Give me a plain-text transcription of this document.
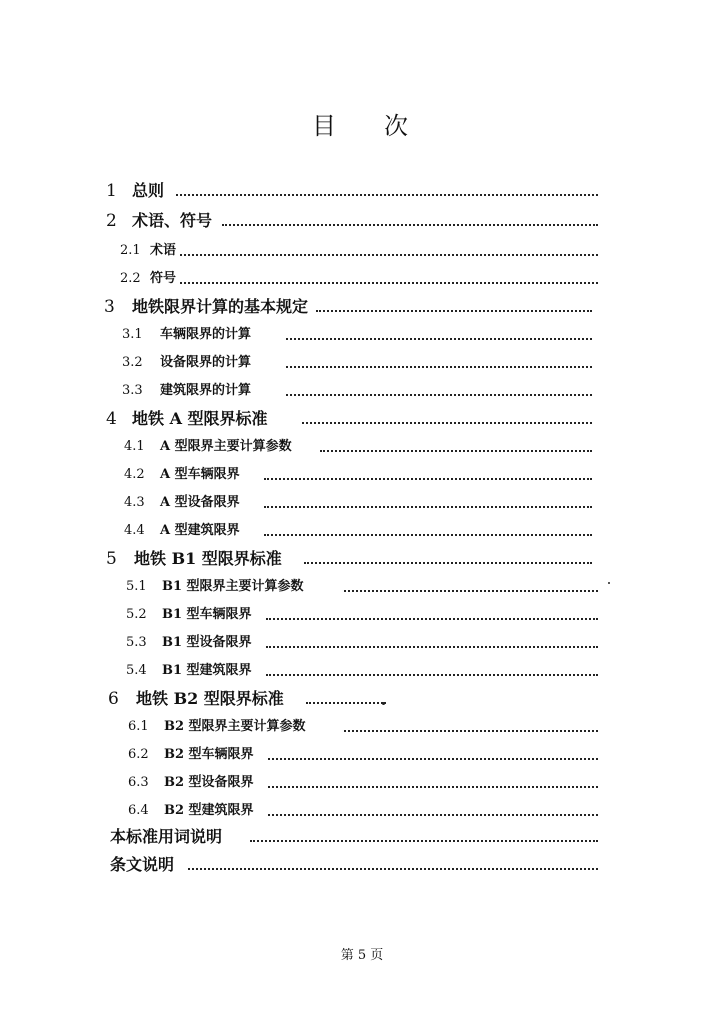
目 次
1 总则
2 术语、符号
2.1 术语
2.2 符号
3 地铁限界计算的基本规定
3.1 车辆限界的计算
3.2 设备限界的计算
3.3 建筑限界的计算
4 地铁 A 型限界标准
4.1 A 型限界主要计算参数
4.2 A 型车辆限界
4.3 A 型设备限界
4.4 A 型建筑限界
5 地铁 B1 型限界标准
5.1 B1 型限界主要计算参数
5.2 B1 型车辆限界
5.3 B1 型设备限界
5.4 B1 型建筑限界
6 地铁 B2 型限界标准
6.1 B2 型限界主要计算参数
6.2 B2 型车辆限界
6.3 B2 型设备限界
6.4 B2 型建筑限界
本标准用词说明
条文说明
第 5 页
